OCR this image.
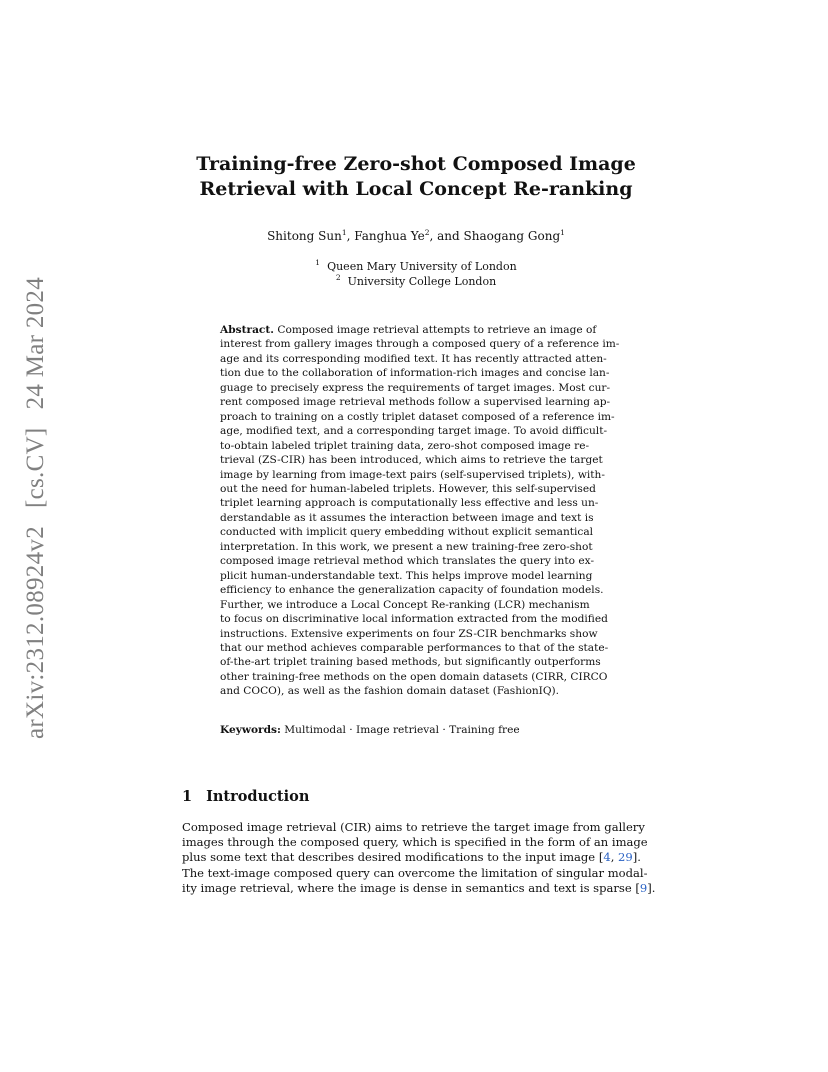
arXiv:2312.08924v2[cs.CV]24 Mar 2024
Training-free Zero-shot Composed Image
Retrieval with Local Concept Re-ranking
Shitong Sun$^1$, Fanghua Ye$^2$, and Shaogang Gong$^1$
$^1$ Queen Mary University of London
$^2$ University College London
Abstract. Composed image retrieval attempts to retrieve an image of
interest from gallery images through a composed query of a reference im-
age and its corresponding modified text. It has recently attracted atten-
tion due to the collaboration of information-rich images and concise lan-
guage to precisely express the requirements of target images. Most cur-
rent composed image retrieval methods follow a supervised learning ap-
proach to training on a costly triplet dataset composed of a reference im-
age, modified text, and a corresponding target image. To avoid difficult-
to-obtain labeled triplet training data, zero-shot composed image re-
trieval (ZS-CIR) has been introduced, which aims to retrieve the target
image by learning from image-text pairs (self-supervised triplets), with-
out the need for human-labeled triplets. However, this self-supervised
triplet learning approach is computationally less effective and less un-
derstandable as it assumes the interaction between image and text is
conducted with implicit query embedding without explicit semantical
interpretation. In this work, we present a new training-free zero-shot
composed image retrieval method which translates the query into ex-
plicit human-understandable text. This helps improve model learning
efficiency to enhance the generalization capacity of foundation models.
Further, we introduce a Local Concept Re-ranking (LCR) mechanism
to focus on discriminative local information extracted from the modified
instructions. Extensive experiments on four ZS-CIR benchmarks show
that our method achieves comparable performances to that of the state-
of-the-art triplet training based methods, but significantly outperforms
other training-free methods on the open domain datasets (CIRR, CIRCO
and COCO), as well as the fashion domain dataset (FashionIQ).
Keywords: Multimodal · Image retrieval · Training free
1 Introduction
Composed image retrieval (CIR) aims to retrieve the target image from gallery
images through the composed query, which is specified in the form of an image
plus some text that describes desired modifications to the input image [4, 29].
The text-image composed query can overcome the limitation of singular modal-
ity image retrieval, where the image is dense in semantics and text is sparse [9].
